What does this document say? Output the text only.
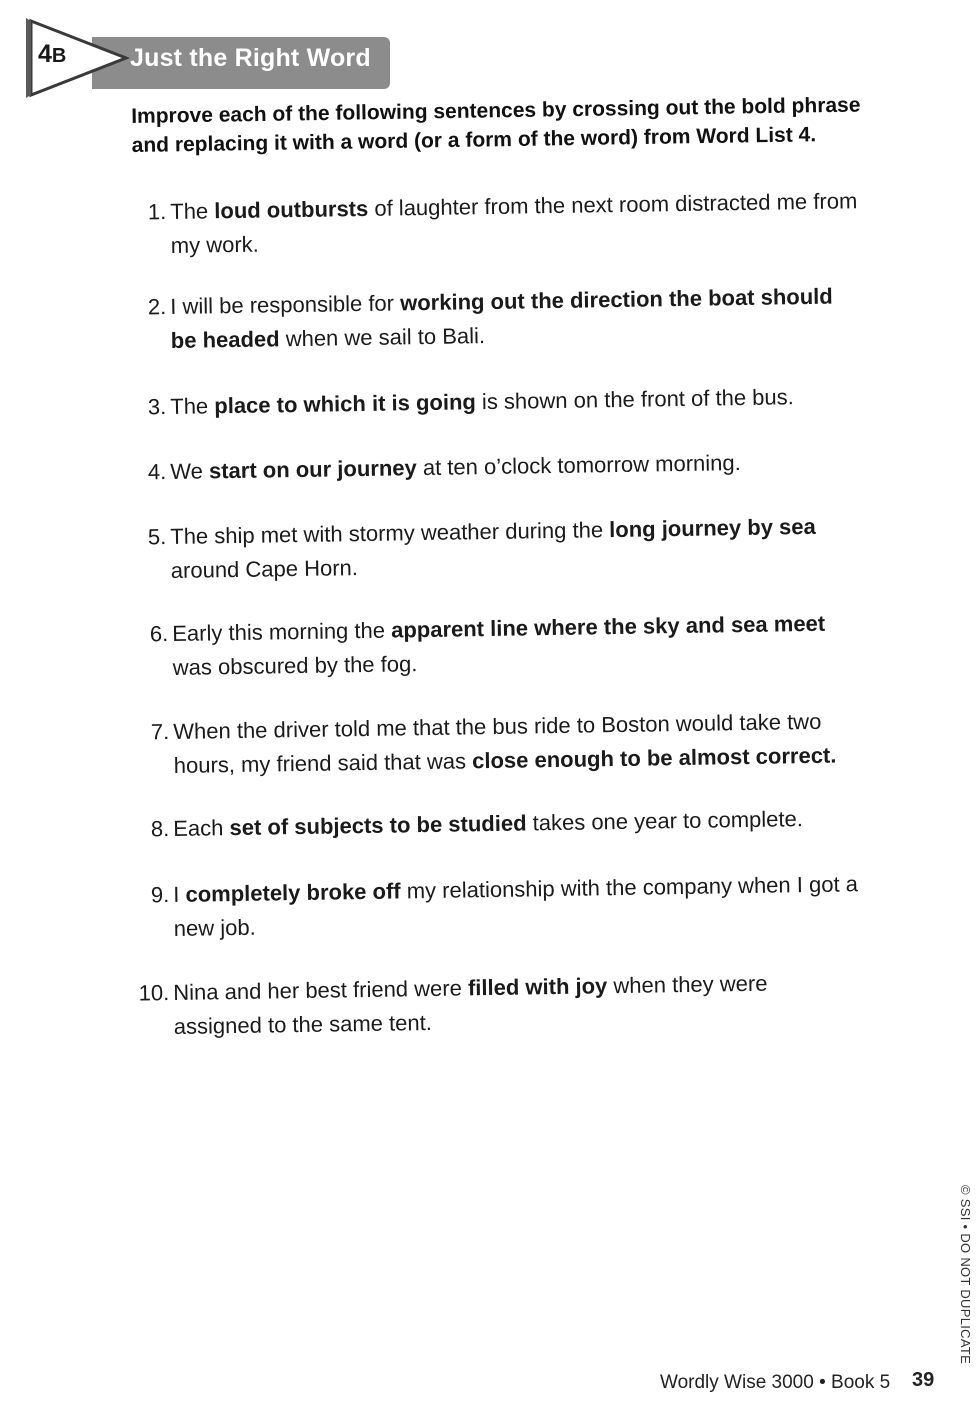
4B	Just the Right Word
Improve each of the following sentences by crossing out the bold phrase and replacing it with a word (or a form of the word) from Word List 4.
1. The loud outbursts of laughter from the next room distracted me from my work.
2. I will be responsible for working out the direction the boat should be headed when we sail to Bali.
3. The place to which it is going is shown on the front of the bus.
4. We start on our journey at ten o’clock tomorrow morning.
5. The ship met with stormy weather during the long journey by sea around Cape Horn.
6. Early this morning the apparent line where the sky and sea meet was obscured by the fog.
7. When the driver told me that the bus ride to Boston would take two hours, my friend said that was close enough to be almost correct.
8. Each set of subjects to be studied takes one year to complete.
9. I completely broke off my relationship with the company when I got a new job.
10. Nina and her best friend were filled with joy when they were assigned to the same tent.
© SSI • DO NOT DUPLICATE
Wordly Wise 3000 • Book 5 39
